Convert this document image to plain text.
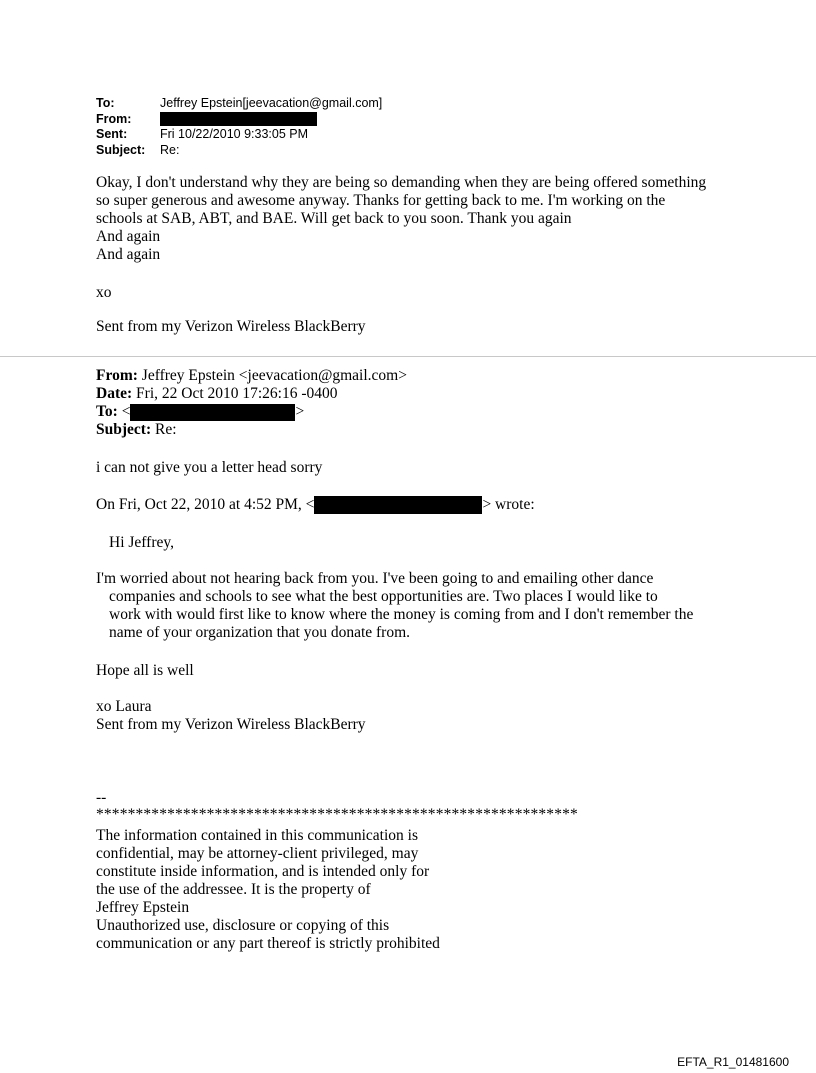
To:	Jeffrey Epstein[jeevacation@gmail.com]
From:
Sent:	Fri 10/22/2010 9:33:05 PM
Subject:	Re:
Okay, I don't understand why they are being so demanding when they are being offered something
so super generous and awesome anyway. Thanks for getting back to me. I'm working on the
schools at SAB, ABT, and BAE. Will get back to you soon. Thank you again
And again
And again
xo
Sent from my Verizon Wireless BlackBerry
From: Jeffrey Epstein <jeevacation@gmail.com>
Date: Fri, 22 Oct 2010 17:26:16 -0400
To: <	>
Subject: Re:
i can not give you a letter head sorry
On Fri, Oct 22, 2010 at 4:52 PM, <	> wrote:
Hi Jeffrey,
I'm worried about not hearing back from you. I've been going to and emailing other dance
companies and schools to see what the best opportunities are. Two places I would like to
work with would first like to know where the money is coming from and I don't remember the
name of your organization that you donate from.
Hope all is well
xo Laura
Sent from my Verizon Wireless BlackBerry
--
*************************************************************
The information contained in this communication is
confidential, may be attorney-client privileged, may
constitute inside information, and is intended only for
the use of the addressee. It is the property of
Jeffrey Epstein
Unauthorized use, disclosure or copying of this
communication or any part thereof is strictly prohibited
EFTA_R1_01481600
